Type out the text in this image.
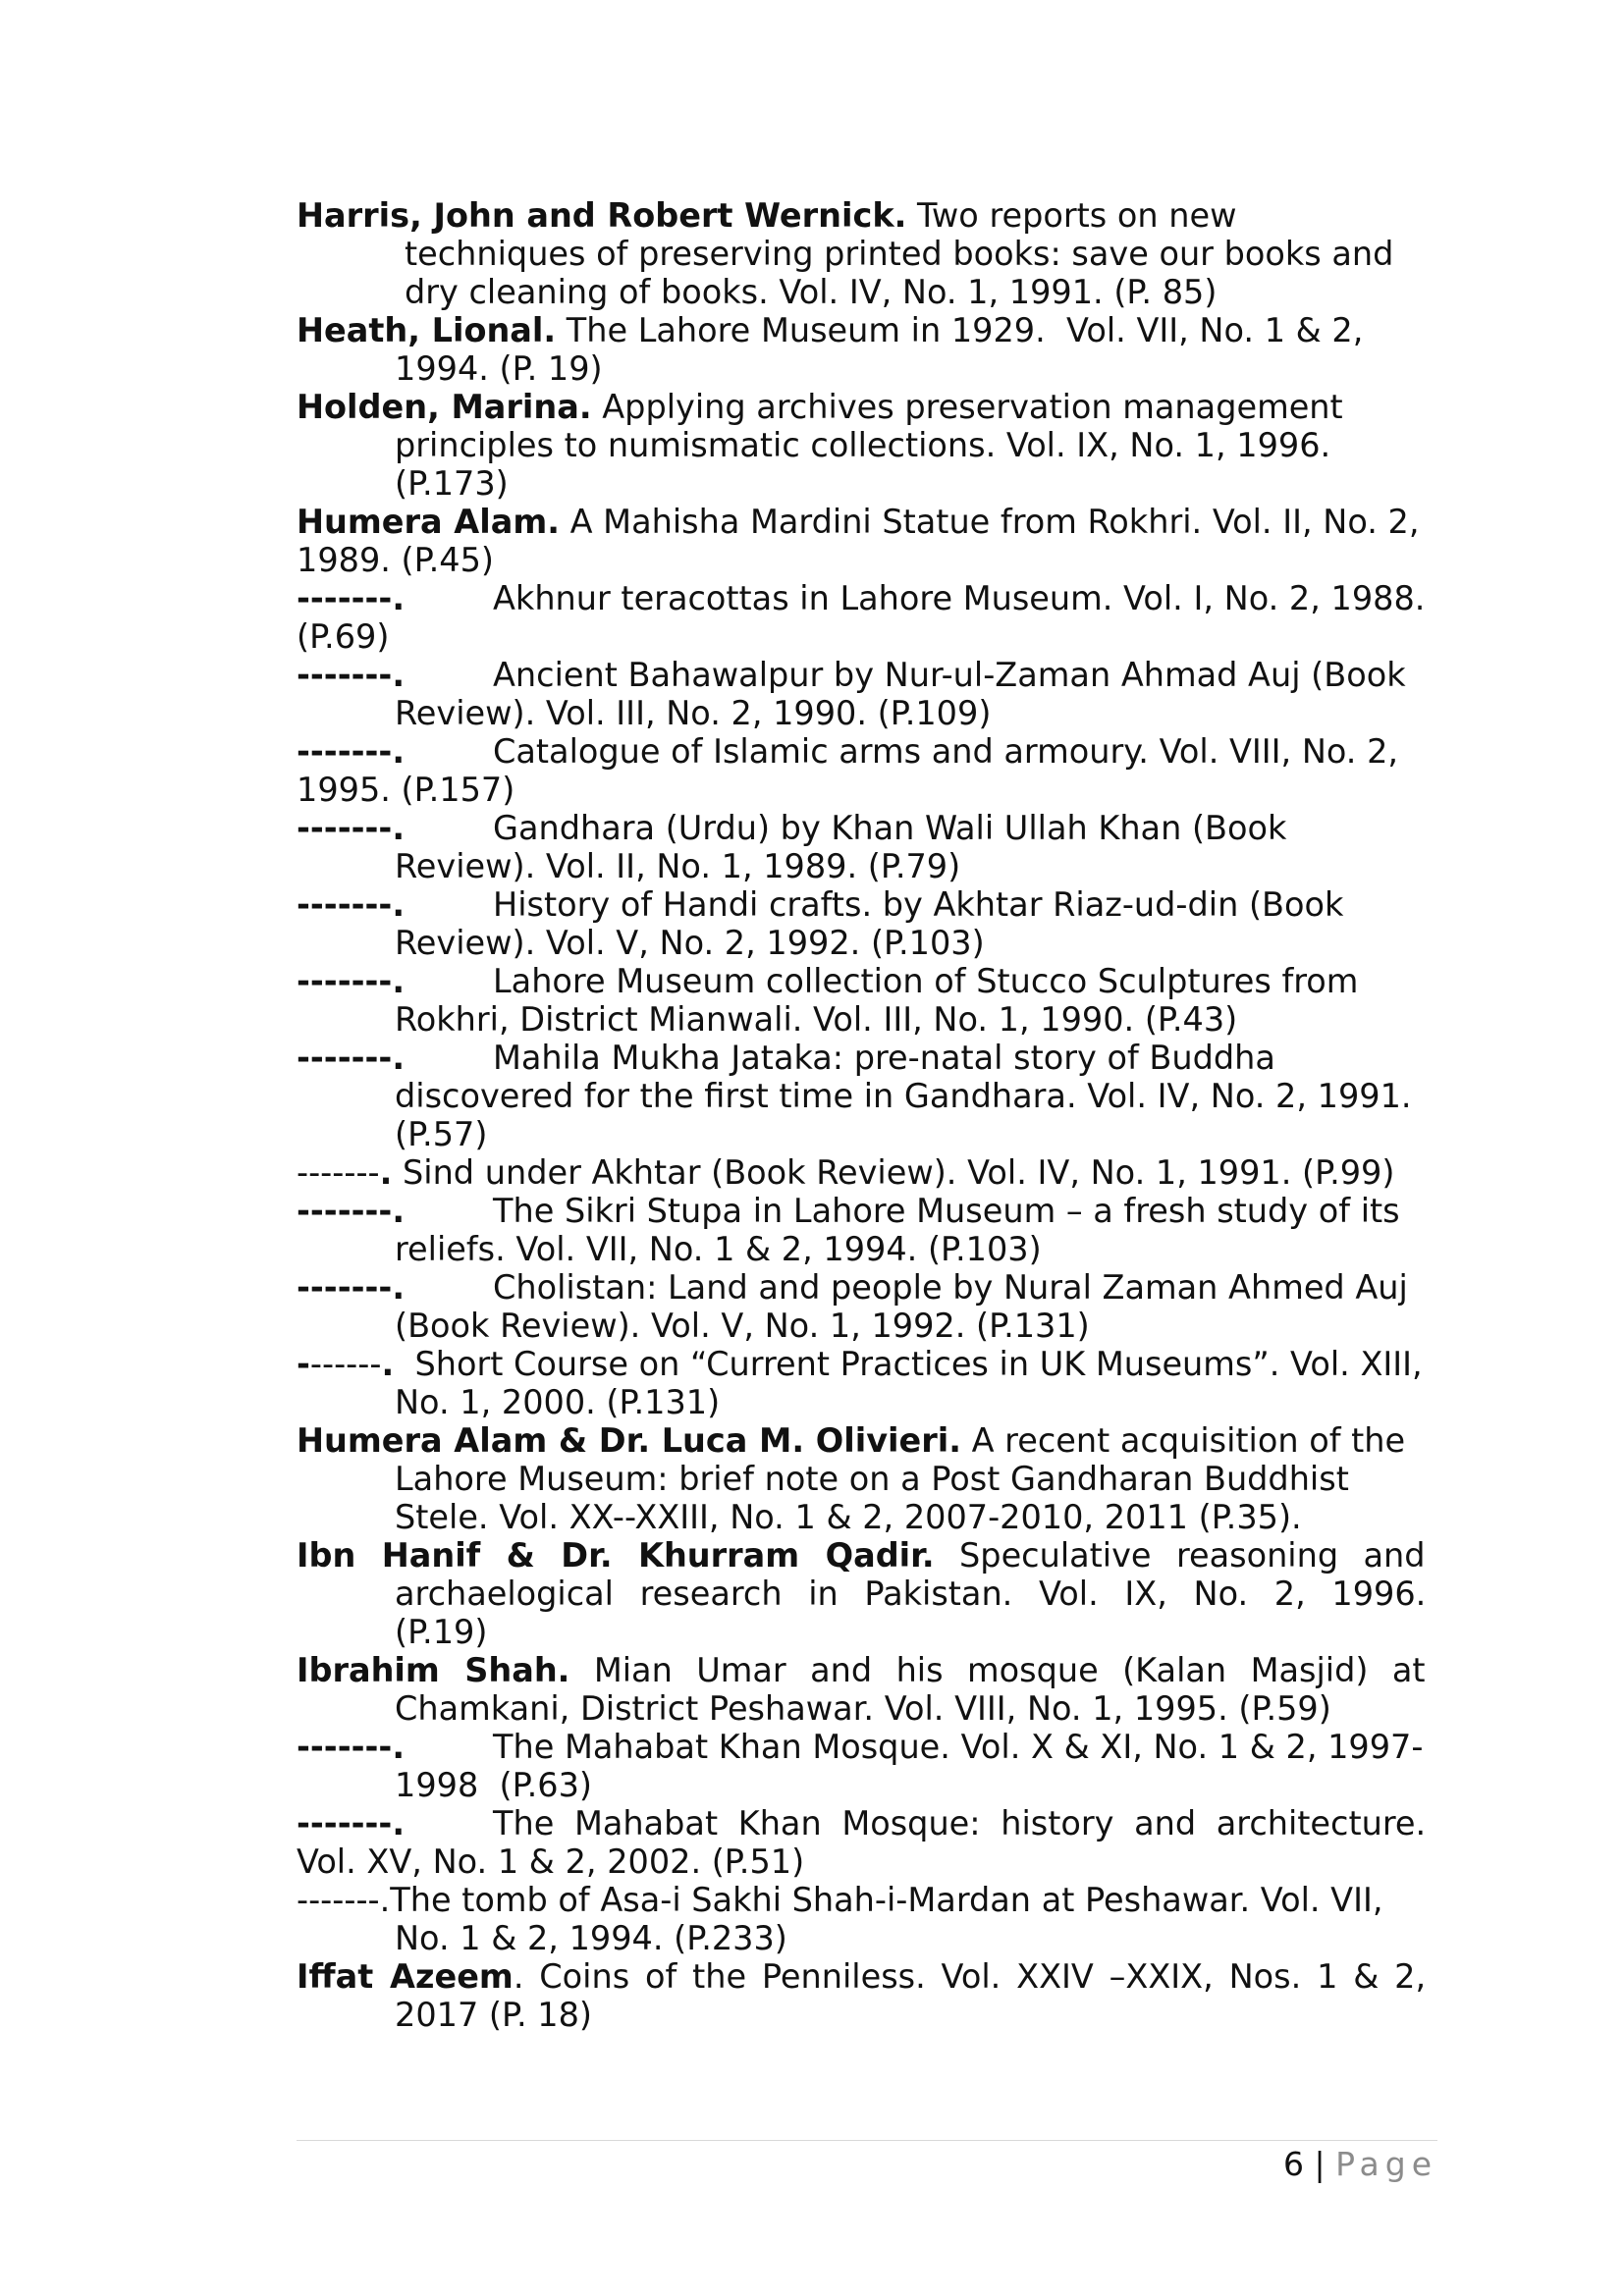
Harris, John and Robert Wernick. Two reports on new
techniques of preserving printed books: save our books and
dry cleaning of books. Vol. IV, No. 1, 1991. (P. 85)
Heath, Lional. The Lahore Museum in 1929.  Vol. VII, No. 1 & 2,
1994. (P. 19)
Holden, Marina. Applying archives preservation management
principles to numismatic collections. Vol. IX, No. 1, 1996.
(P.173)
Humera Alam. A Mahisha Mardini Statue from Rokhri. Vol. II, No. 2,
1989. (P.45)
-------.	Akhnur teracottas in Lahore Museum. Vol. I, No. 2, 1988.
(P.69)
-------.	Ancient Bahawalpur by Nur-ul-Zaman Ahmad Auj (Book
Review). Vol. III, No. 2, 1990. (P.109)
-------.	Catalogue of Islamic arms and armoury. Vol. VIII, No. 2,
1995. (P.157)
-------.	Gandhara (Urdu) by Khan Wali Ullah Khan (Book
Review). Vol. II, No. 1, 1989. (P.79)
-------.	History of Handi crafts. by Akhtar Riaz-ud-din (Book
Review). Vol. V, No. 2, 1992. (P.103)
-------.	Lahore Museum collection of Stucco Sculptures from
Rokhri, District Mianwali. Vol. III, No. 1, 1990. (P.43)
-------.	Mahila Mukha Jataka: pre-natal story of Buddha
discovered for the first time in Gandhara. Vol. IV, No. 2, 1991.
(P.57)
-------. Sind under Akhtar (Book Review). Vol. IV, No. 1, 1991. (P.99)
-------.	The Sikri Stupa in Lahore Museum – a fresh study of its
reliefs. Vol. VII, No. 1 & 2, 1994. (P.103)
-------.	Cholistan: Land and people by Nural Zaman Ahmed Auj
(Book Review). Vol. V, No. 1, 1992. (P.131)
-------.  Short Course on “Current Practices in UK Museums”. Vol. XIII,
No. 1, 2000. (P.131)
Humera Alam & Dr. Luca M. Olivieri. A recent acquisition of the
Lahore Museum: brief note on a Post Gandharan Buddhist
Stele. Vol. XX--XXIII, No. 1 & 2, 2007-2010, 2011 (P.35).
Ibn Hanif & Dr. Khurram Qadir. Speculative reasoning and
archaelogical research in Pakistan. Vol. IX, No. 2, 1996.
(P.19)
Ibrahim Shah. Mian Umar and his mosque (Kalan Masjid) at
Chamkani, District Peshawar. Vol. VIII, No. 1, 1995. (P.59)
-------.	The Mahabat Khan Mosque. Vol. X & XI, No. 1 & 2, 1997-
1998  (P.63)
-------.	The Mahabat Khan Mosque: history and architecture.
Vol. XV, No. 1 & 2, 2002. (P.51)
-------.The tomb of Asa-i Sakhi Shah-i-Mardan at Peshawar. Vol. VII,
No. 1 & 2, 1994. (P.233)
Iffat Azeem. Coins of the Penniless. Vol. XXIV –XXIX, Nos. 1 & 2,
2017 (P. 18)
6 | Page
